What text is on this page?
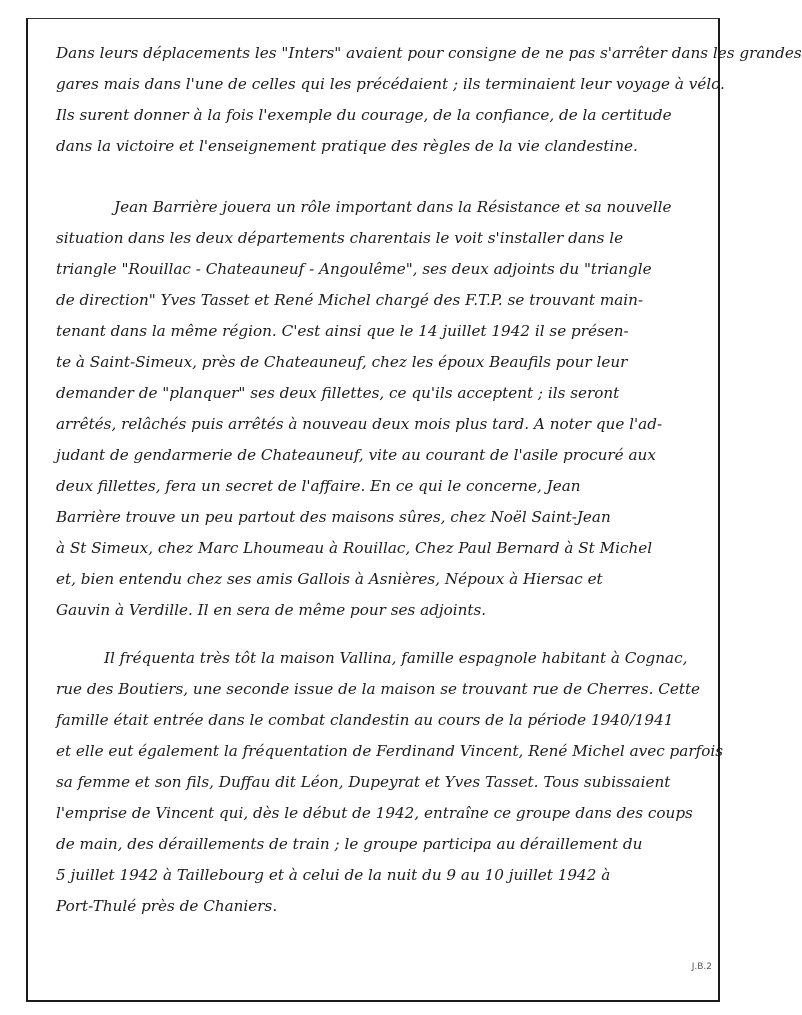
Dans leurs déplacements les "Inters" avaient pour consigne de ne pas s'arrêter dans les grandes
gares mais dans l'une de celles qui les précédaient ; ils terminaient leur voyage à vélo.
Ils surent donner à la fois l'exemple du courage, de la confiance, de la certitude
dans la victoire et l'enseignement pratique des règles de la vie clandestine.
Jean Barrière jouera un rôle important dans la Résistance et sa nouvelle
situation dans les deux départements charentais le voit s'installer dans le
triangle "Rouillac - Chateauneuf - Angoulême", ses deux adjoints du "triangle
de direction" Yves Tasset et René Michel chargé des F.T.P. se trouvant main-
tenant dans la même région. C'est ainsi que le 14 juillet 1942 il se présen-
te à Saint-Simeux, près de Chateauneuf, chez les époux Beaufils pour leur
demander de "planquer" ses deux fillettes, ce qu'ils acceptent ; ils seront
arrêtés, relâchés puis arrêtés à nouveau deux mois plus tard. A noter que l'ad-
judant de gendarmerie de Chateauneuf, vite au courant de l'asile procuré aux
deux fillettes, fera un secret de l'affaire. En ce qui le concerne, Jean
Barrière trouve un peu partout des maisons sûres, chez Noël Saint-Jean
à St Simeux, chez Marc Lhoumeau à Rouillac, Chez Paul Bernard à St Michel
et, bien entendu chez ses amis Gallois à Asnières, Népoux à Hiersac et
Gauvin à Verdille. Il en sera de même pour ses adjoints.
Il fréquenta très tôt la maison Vallina, famille espagnole habitant à Cognac,
rue des Boutiers, une seconde issue de la maison se trouvant rue de Cherres. Cette
famille était entrée dans le combat clandestin au cours de la période 1940/1941
et elle eut également la fréquentation de Ferdinand Vincent, René Michel avec parfois
sa femme et son fils, Duffau dit Léon, Dupeyrat et Yves Tasset. Tous subissaient
l'emprise de Vincent qui, dès le début de 1942, entraîne ce groupe dans des coups
de main, des déraillements de train ; le groupe participa au déraillement du
5 juillet 1942 à Taillebourg et à celui de la nuit du 9 au 10 juillet 1942 à
Port-Thulé près de Chaniers.
J.B.2
